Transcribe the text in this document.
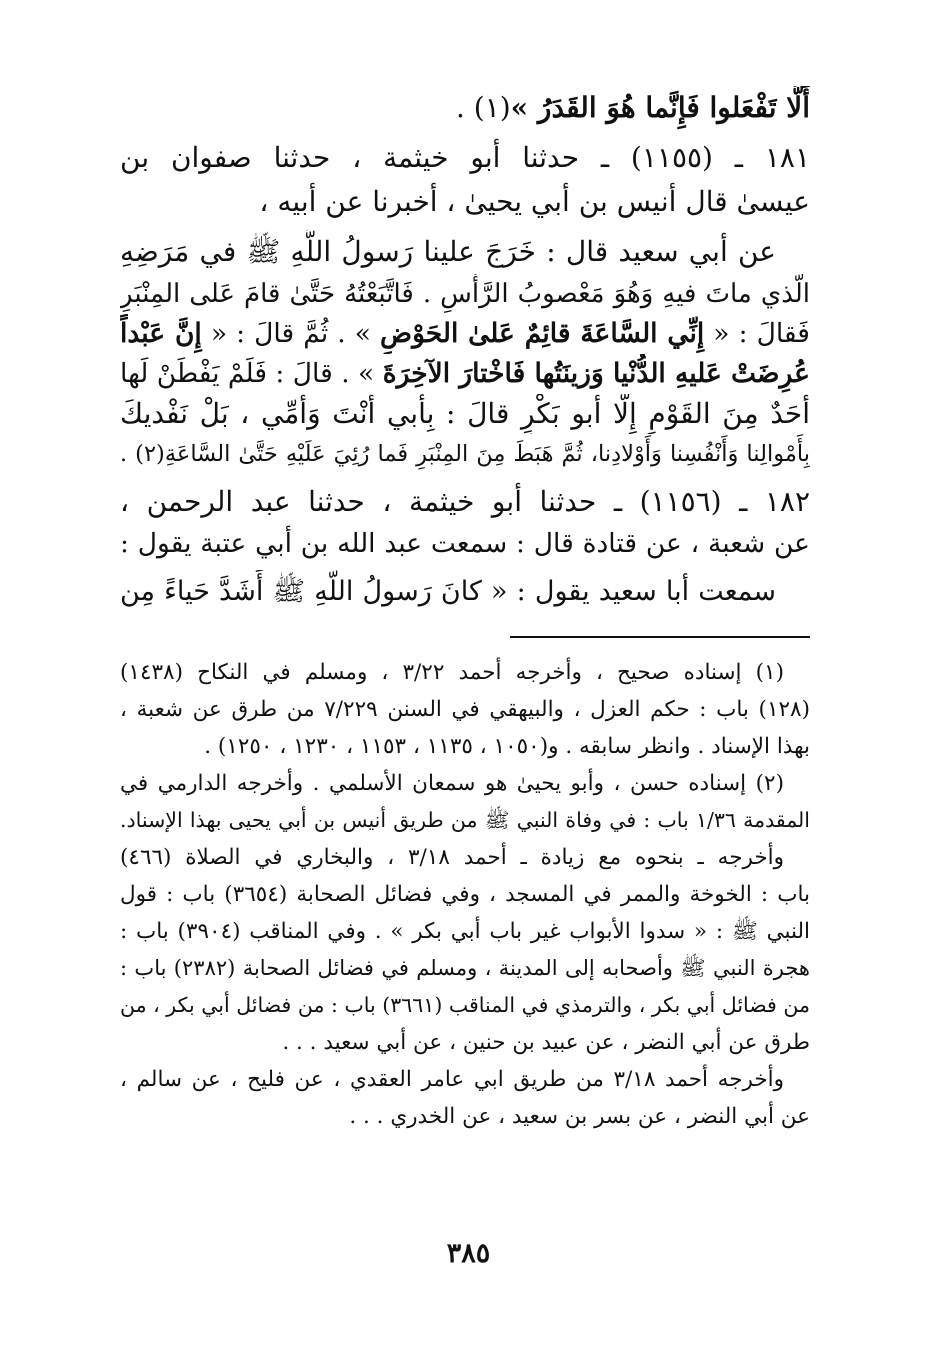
أَلَّا تَفْعَلوا فَإِنَّما هُوَ القَدَرُ »(١) .
١٨١ ـ (١١٥٥) ـ حدثنا أبو خيثمة ، حدثنا صفوان بن
عيسىٰ قال أنيس بن أبي يحيىٰ ، أخبرنا عن أبيه ،
عن أبي سعيد قال : خَرَجَ علينا رَسولُ اللَّهِ ﷺ في مَرَضِهِ
الَّذي ماتَ فيهِ وَهُوَ مَعْصوبُ الرَّأْسِ . فَاتَّبَعْتُهُ حَتَّىٰ قامَ عَلى المِنْبَرِ
فَقالَ : « إِنِّي السَّاعَةَ قائِمٌ عَلىٰ الحَوْضِ » . ثُمَّ قالَ : « إِنَّ عَبْداً
عُرِضَتْ عَليهِ الدُّنْيا وَزينَتُها فَاخْتارَ الآخِرَةَ » . قالَ : فَلَمْ يَفْطَنْ لَها
أَحَدٌ مِنَ القَوْمِ إِلَّا أَبو بَكْرٍ قالَ : بِأَبي أَنْتَ وَأُمِّي ، بَلْ نَفْديكَ
بِأَمْوالِنا وَأَنْفُسِنا وَأَوْلادِنا، ثُمَّ هَبَطَ مِنَ المِنْبَرِ فَما رُئِيَ عَلَيْهِ حَتَّىٰ السَّاعَةِ(٢) .
١٨٢ ـ (١١٥٦) ـ حدثنا أبو خيثمة ، حدثنا عبد الرحمن ،
عن شعبة ، عن قتادة قال : سمعت عبد الله بن أبي عتبة يقول :
سمعت أبا سعيد يقول : « كانَ رَسولُ اللَّهِ ﷺ أَشَدَّ حَياءً مِن
(١) إسناده صحيح ، وأخرجه أحمد ٣/٢٢ ، ومسلم في النكاح (١٤٣٨)
(١٢٨) باب : حكم العزل ، والبيهقي في السنن ٧/٢٢٩ من طرق عن شعبة ،
بهذا الإسناد . وانظر سابقه . و(١٠٥٠ ، ١١٣٥ ، ١١٥٣ ، ١٢٣٠ ، ١٢٥٠) .
(٢) إسناده حسن ، وأبو يحيىٰ هو سمعان الأسلمي . وأخرجه الدارمي في
المقدمة ١/٣٦ باب : في وفاة النبي ﷺ من طريق أنيس بن أبي يحيى بهذا الإسناد.
وأخرجه ـ بنحوه مع زيادة ـ أحمد ٣/١٨ ، والبخاري في الصلاة (٤٦٦)
باب : الخوخة والممر في المسجد ، وفي فضائل الصحابة (٣٦٥٤) باب : قول
النبي ﷺ : « سدوا الأبواب غير باب أبي بكر » . وفي المناقب (٣٩٠٤) باب :
هجرة النبي ﷺ وأصحابه إلى المدينة ، ومسلم في فضائل الصحابة (٢٣٨٢) باب :
من فضائل أبي بكر ، والترمذي في المناقب (٣٦٦١) باب : من فضائل أبي بكر ، من
طرق عن أبي النضر ، عن عبيد بن حنين ، عن أبي سعيد . . .
وأخرجه أحمد ٣/١٨ من طريق ابي عامر العقدي ، عن فليح ، عن سالم ،
عن أبي النضر ، عن بسر بن سعيد ، عن الخدري . . .
٣٨٥
